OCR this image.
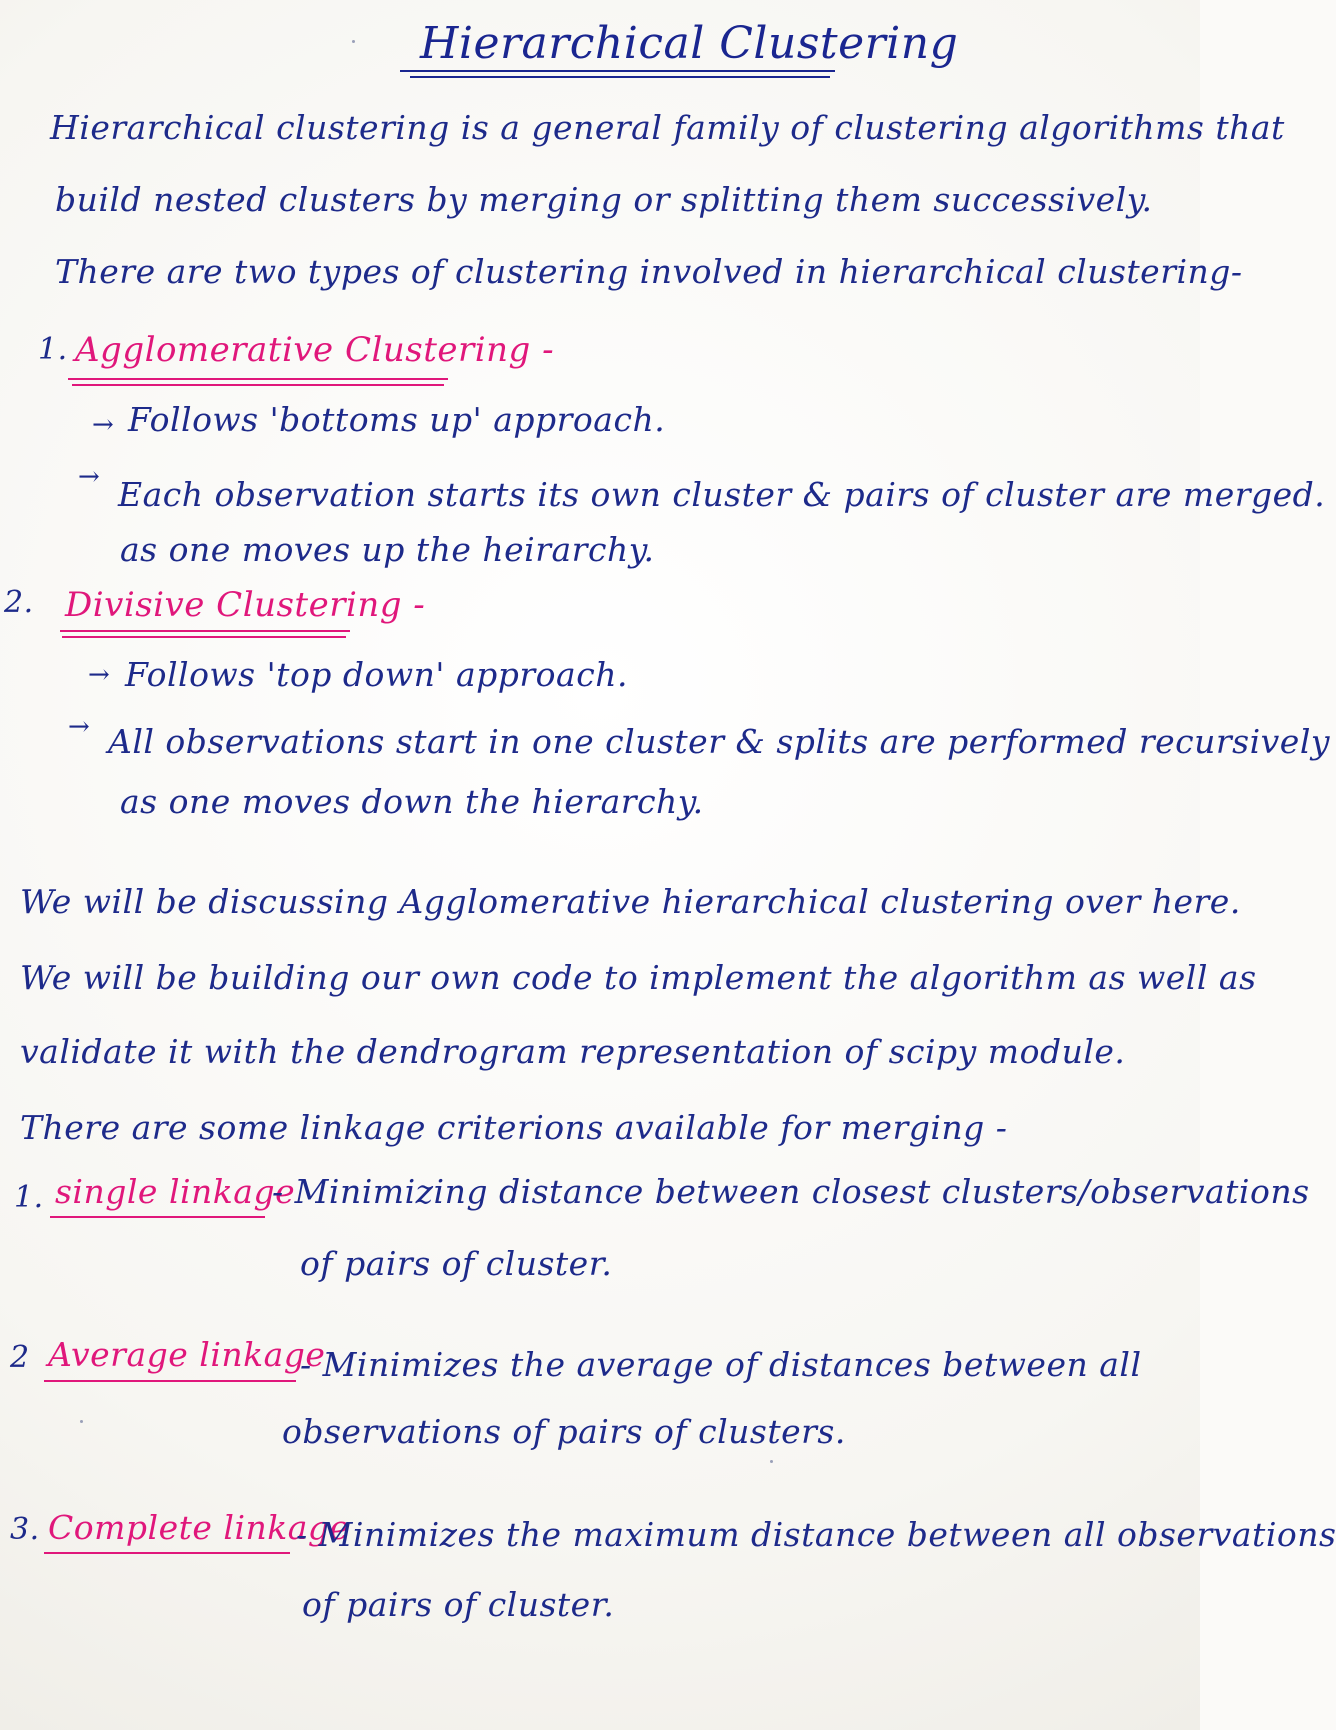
Hierarchical Clustering
Hierarchical clustering is a general family of clustering algorithms that
build nested clusters by merging or splitting them successively.
There are two types of clustering involved in hierarchical clustering-
1. Agglomerative Clustering -
→ Follows 'bottoms up' approach.
→ Each observation starts its own cluster & pairs of cluster are merged.
as one moves up the heirarchy.
2. Divisive Clustering -
→ Follows 'top down' approach.
→ All observations start in one cluster & splits are performed recursively
as one moves down the hierarchy.
We will be discussing Agglomerative hierarchical clustering over here.
We will be building our own code to implement the algorithm as well as
validate it with the dendrogram representation of scipy module.
There are some linkage criterions available for merging -
1. single linkage
- Minimizing distance between closest clusters/observations
of pairs of cluster.
2 Average linkage
- Minimizes the average of distances between all
observations of pairs of clusters.
3. Complete linkage
- Minimizes the maximum distance between all observations
of pairs of cluster.
